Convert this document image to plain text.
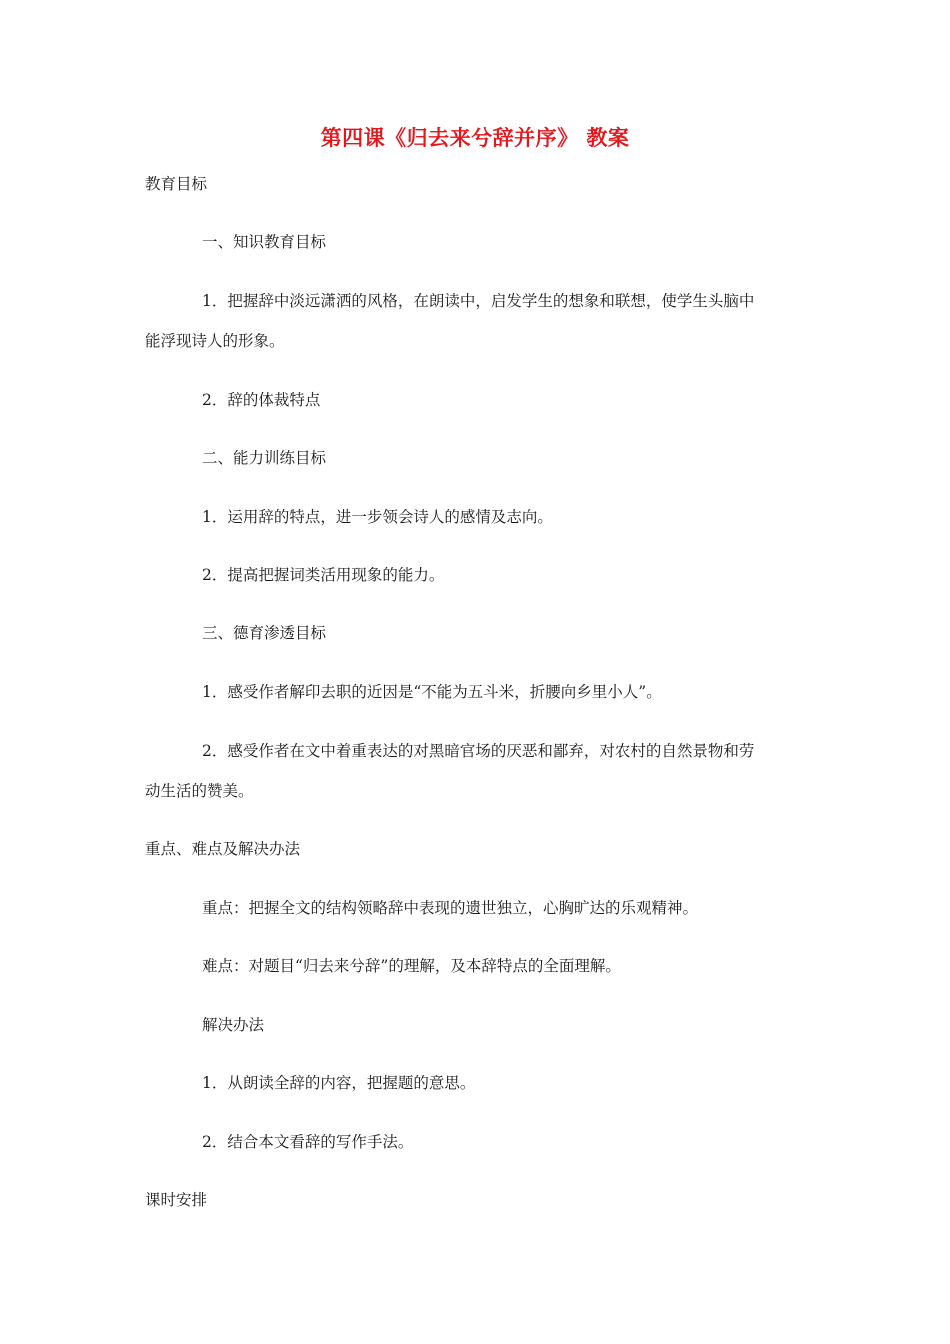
第四课《归去来兮辞并序》 教案
教育目标
一、知识教育目标
1．把握辞中淡远潇洒的风格，在朗读中，启发学生的想象和联想，使学生头脑中
能浮现诗人的形象。
2．辞的体裁特点
二、能力训练目标
1．运用辞的特点，进一步领会诗人的感情及志向。
2．提高把握词类活用现象的能力。
三、德育渗透目标
1．感受作者解印去职的近因是“不能为五斗米，折腰向乡里小人”。
2．感受作者在文中着重表达的对黑暗官场的厌恶和鄙弃，对农村的自然景物和劳
动生活的赞美。
重点、难点及解决办法
重点：把握全文的结构领略辞中表现的遗世独立，心胸旷达的乐观精神。
难点：对题目“归去来兮辞”的理解，及本辞特点的全面理解。
解决办法
1．从朗读全辞的内容，把握题的意思。
2．结合本文看辞的写作手法。
课时安排
